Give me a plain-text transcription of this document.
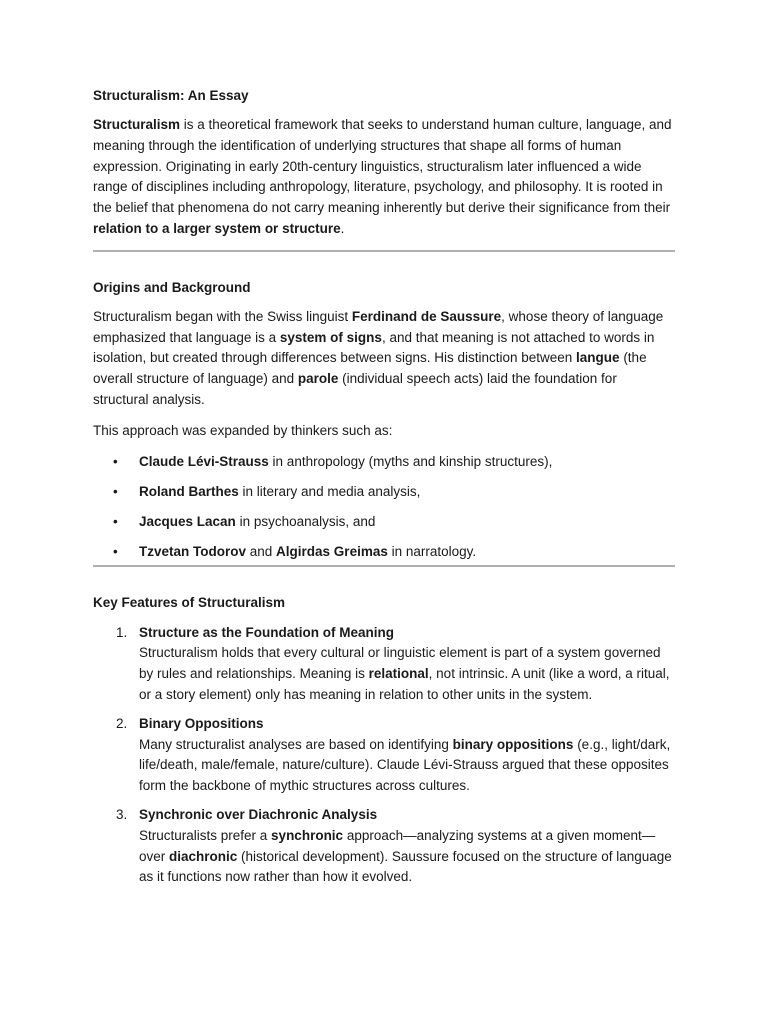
Structuralism: An Essay

Structuralism is a theoretical framework that seeks to understand human culture, language, and meaning through the identification of underlying structures that shape all forms of human expression. Originating in early 20th-century linguistics, structuralism later influenced a wide range of disciplines including anthropology, literature, psychology, and philosophy. It is rooted in the belief that phenomena do not carry meaning inherently but derive their significance from their relation to a larger system or structure.

Origins and Background

Structuralism began with the Swiss linguist Ferdinand de Saussure, whose theory of language emphasized that language is a system of signs, and that meaning is not attached to words in isolation, but created through differences between signs. His distinction between langue (the overall structure of language) and parole (individual speech acts) laid the foundation for structural analysis.

This approach was expanded by thinkers such as:

• Claude Lévi-Strauss in anthropology (myths and kinship structures),
• Roland Barthes in literary and media analysis,
• Jacques Lacan in psychoanalysis, and
• Tzvetan Todorov and Algirdas Greimas in narratology.
Key Features of Structuralism
1. Structure as the Foundation of Meaning
Structuralism holds that every cultural or linguistic element is part of a system governed by rules and relationships. Meaning is relational, not intrinsic. A unit (like a word, a ritual, or a story element) only has meaning in relation to other units in the system.
2. Binary Oppositions
Many structuralist analyses are based on identifying binary oppositions (e.g., light/dark, life/death, male/female, nature/culture). Claude Lévi-Strauss argued that these opposites form the backbone of mythic structures across cultures.
3. Synchronic over Diachronic Analysis
Structuralists prefer a synchronic approach—analyzing systems at a given moment—over diachronic (historical development). Saussure focused on the structure of language as it functions now rather than how it evolved.
